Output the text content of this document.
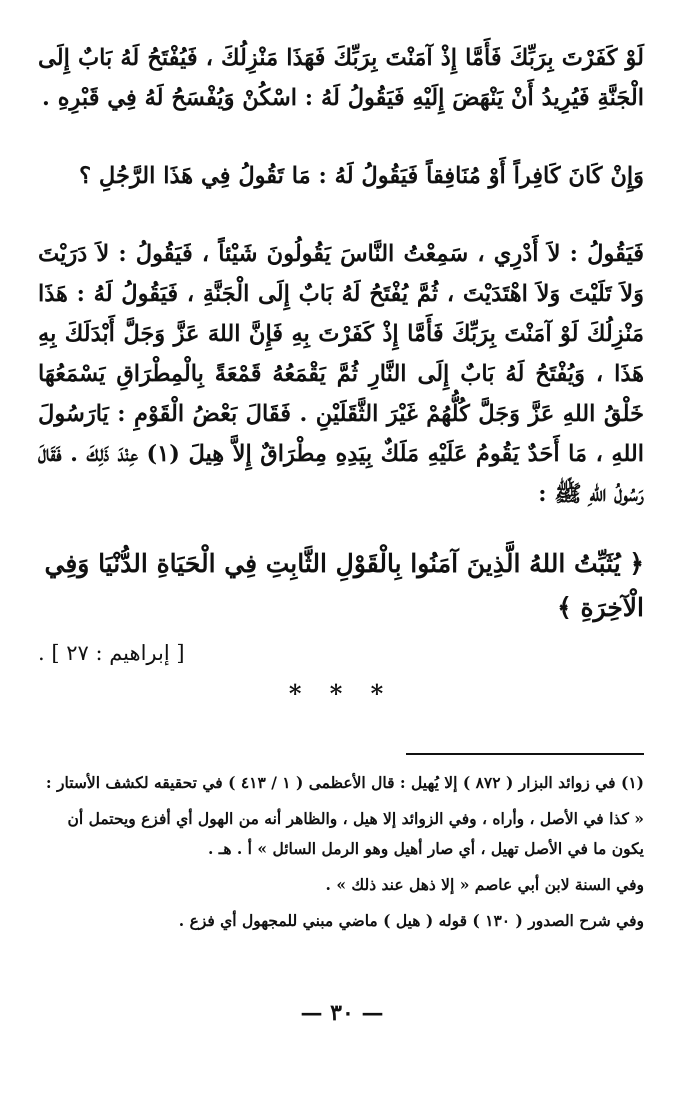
لَوْ كَفَرْتَ بِرَبِّكَ فَأَمَّا إِذْ آمَنْتَ بِرَبِّكَ فَهَذَا مَنْزِلُكَ ، فَيُفْتَحُ لَهُ بَابٌ إِلَى الْجَنَّةِ فَيُرِيدُ أَنْ يَنْهَضَ إِلَيْهِ فَيَقُولُ لَهُ : اسْكُنْ وَيُفْسَحُ لَهُ فِي قَبْرِهِ .

وَإِنْ كَانَ كَافِراً أَوْ مُنَافِقاً فَيَقُولُ لَهُ : مَا تَقُولُ فِي هَذَا الرَّجُلِ ؟

فَيَقُولُ : لاَ أَدْرِي ، سَمِعْتُ النَّاسَ يَقُولُونَ شَيْئاً ، فَيَقُولُ : لاَ دَرَيْتَ وَلاَ تَلَيْتَ وَلاَ اهْتَدَيْتَ ، ثُمَّ يُفْتَحُ لَهُ بَابٌ إِلَى الْجَنَّةِ ، فَيَقُولُ لَهُ : هَذَا مَنْزِلُكَ لَوْ آمَنْتَ بِرَبِّكَ فَأَمَّا إِذْ كَفَرْتَ بِهِ فَإِنَّ اللهَ عَزَّ وَجَلَّ أَبْدَلَكَ بِهِ هَذَا ، وَيُفْتَحُ لَهُ بَابٌ إِلَى النَّارِ ثُمَّ يَقْمَعُهُ قَمْعَةً بِالْمِطْرَاقِ يَسْمَعُهَا خَلْقُ اللهِ عَزَّ وَجَلَّ كُلُّهُمْ غَيْرَ الثَّقَلَيْنِ . فَقَالَ بَعْضُ الْقَوْمِ : يَارَسُولَ اللهِ ، مَا أَحَدٌ يَقُومُ عَلَيْهِ مَلَكٌ بِيَدِهِ مِطْرَاقٌ إِلاَّ هِيلَ (١) عِنْدَ ذَلِكَ . فَقَالَ رَسُولُ اللهِ ﷺ :

﴿ يُثَبِّتُ اللهُ الَّذِينَ آمَنُوا بِالْقَوْلِ الثَّابِتِ فِي الْحَيَاةِ الدُّنْيَا وَفِي الْآخِرَةِ ﴾
[ إبراهيم : ٢٧ ] .
* * *

(١) في زوائد البزار ( ٨٧٢ ) إلا يُهيل : قال الأعظمى ( ١ / ٤١٣ ) في تحقيقه لكشف الأستار :

« كذا في الأصل ، وأراه ، وفي الزوائد إلا هيل ، والظاهر أنه من الهول أي أفزع ويحتمل أن يكون ما في الأصل تهيل ، أي صار أهيل وهو الرمل السائل » أ . هـ .

وفي السنة لابن أبي عاصم « إلا ذهل عند ذلك » .

وفي شرح الصدور ( ١٣٠ ) قوله ( هيل ) ماضي مبني للمجهول أي فزع .

— ٣٠ —
